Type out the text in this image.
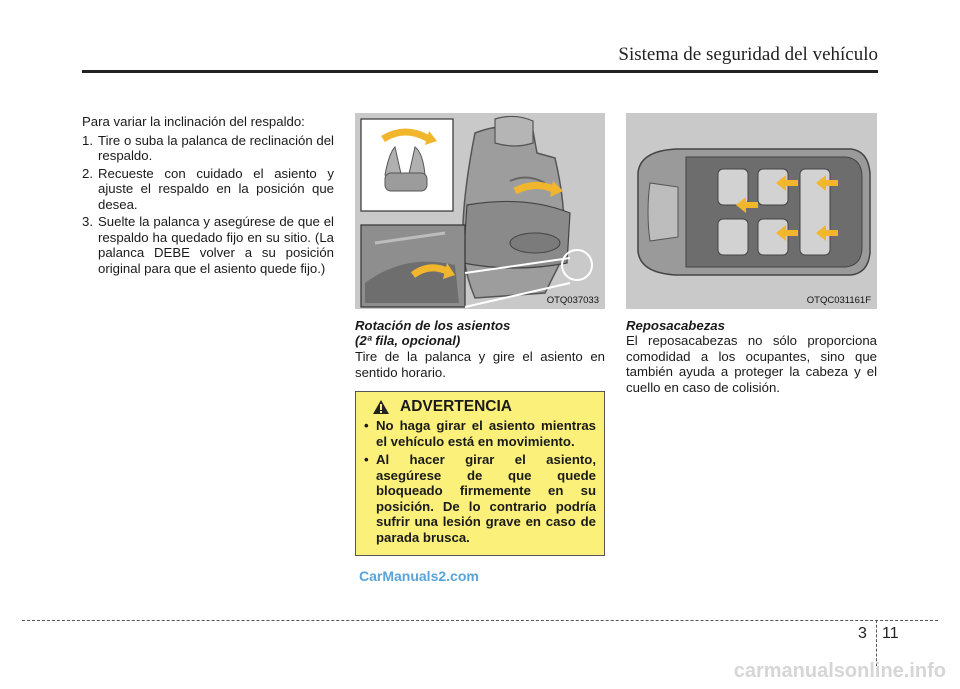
Sistema de seguridad del vehículo

Para variar la inclinación del respaldo:

1. Tire o suba la palanca de reclinación del respaldo.
2. Recueste con cuidado el asiento y ajuste el respaldo en la posición que desea.
3. Suelte la palanca y asegúrese de que el respaldo ha quedado fijo en su sitio. (La palanca DEBE volver a su posición original para que el asiento quede fijo.)
OTQ037033	OTQC031161F
Rotación de los asientos
(2ª fila, opcional)
Tire de la palanca y gire el asiento en sentido horario.
Reposacabezas
El reposacabezas no sólo proporciona comodidad a los ocupantes, sino que también ayuda a proteger la cabeza y el cuello en caso de colisión.
ADVERTENCIA
• No haga girar el asiento mientras el vehículo está en movimiento.
• Al hacer girar el asiento, asegúrese de que quede bloqueado firmemente en su posición. De lo contrario podría sufrir una lesión grave en caso de parada brusca.
CarManuals2.com
3 11
carmanualsonline.info
